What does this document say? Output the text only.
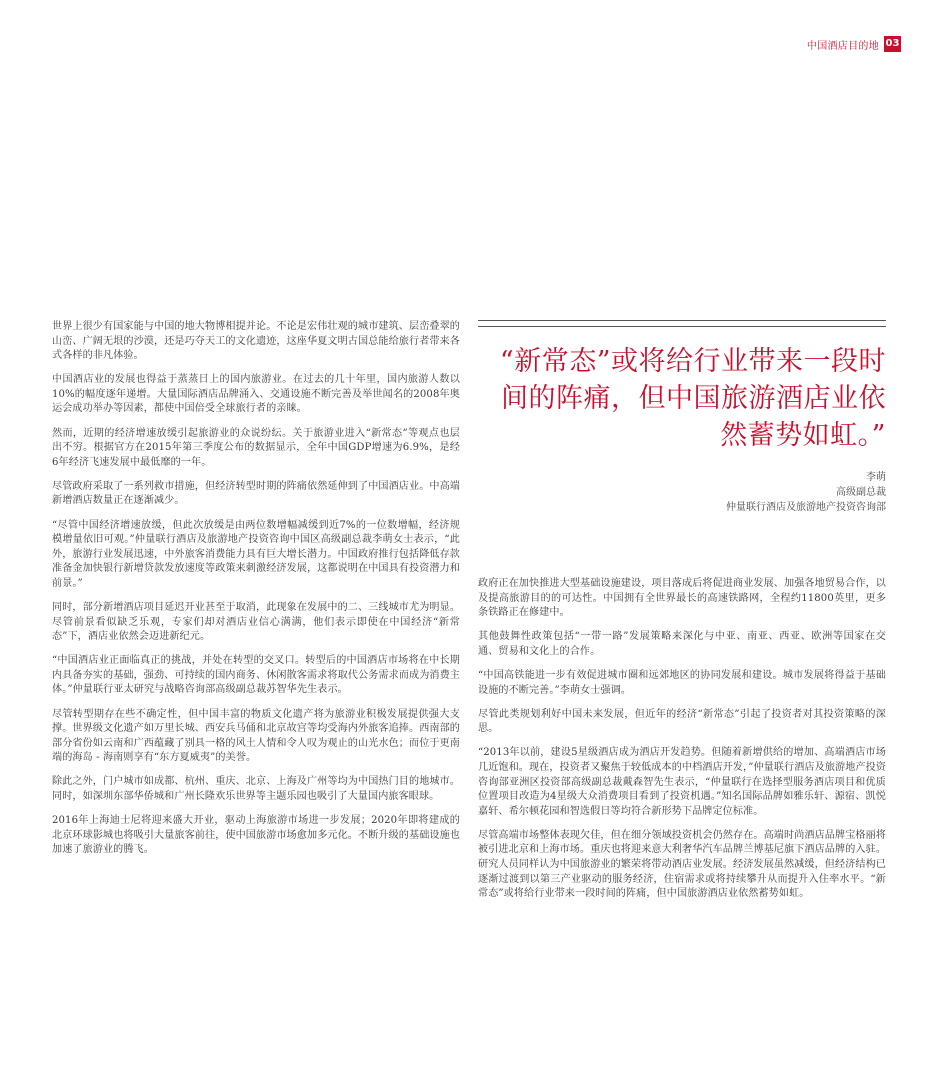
中国酒店目的地 03

世界上很少有国家能与中国的地大物博相提并论。不论是宏伟壮观的城市建筑、层峦叠翠的山峦、广阔无垠的沙漠，还是巧夺天工的文化遗迹，这座华夏文明古国总能给旅行者带来各式各样的非凡体验。

中国酒店业的发展也得益于蒸蒸日上的国内旅游业。在过去的几十年里，国内旅游人数以10%的幅度逐年递增。大量国际酒店品牌涌入、交通设施不断完善及举世闻名的2008年奥运会成功举办等因素，都使中国倍受全球旅行者的亲睐。

然而，近期的经济增速放缓引起旅游业的众说纷纭。关于旅游业进入“新常态”等观点也层出不穷。根据官方在2015年第三季度公布的数据显示，全年中国GDP增速为6.9%，是经6年经济飞速发展中最低靡的一年。

尽管政府采取了一系列救市措施，但经济转型时期的阵痛依然延伸到了中国酒店业。中高端新增酒店数量正在逐渐减少。

“尽管中国经济增速放缓，但此次放缓是由两位数增幅减缓到近7%的一位数增幅，经济规模增量依旧可观。”仲量联行酒店及旅游地产投资咨询中国区高级副总裁李萌女士表示，“此外，旅游行业发展迅速，中外旅客消费能力具有巨大增长潜力。中国政府推行包括降低存款准备金加快银行新增贷款发放速度等政策来刺激经济发展，这都说明在中国具有投资潜力和前景。”

同时，部分新增酒店项目延迟开业甚至于取消，此现象在发展中的二、三线城市尤为明显。尽管前景看似缺乏乐观，专家们却对酒店业信心满满，他们表示即使在中国经济“新常态”下，酒店业依然会迈进新纪元。

“中国酒店业正面临真正的挑战，并处在转型的交叉口。转型后的中国酒店市场将在中长期内具备夯实的基础，强劲、可持续的国内商务、休闲散客需求将取代公务需求而成为消费主体。”仲量联行亚太研究与战略咨询部高级副总裁苏智华先生表示。

尽管转型期存在些不确定性，但中国丰富的物质文化遗产将为旅游业积极发展提供强大支撑。世界级文化遗产如万里长城、西安兵马俑和北京故宫等均受海内外旅客追捧。西南部的部分省份如云南和广西蕴藏了别具一格的风土人情和令人叹为观止的山光水色；而位于更南端的海岛 - 海南则享有“东方夏威夷”的美誉。

除此之外，门户城市如成都、杭州、重庆、北京、上海及广州等均为中国热门目的地城市。同时，如深圳东部华侨城和广州长隆欢乐世界等主题乐园也吸引了大量国内旅客眼球。

2016年上海迪士尼将迎来盛大开业，驱动上海旅游市场进一步发展；2020年即将建成的北京环球影城也将吸引大量旅客前往，使中国旅游市场愈加多元化。不断升级的基础设施也加速了旅游业的腾飞。

“新常态”或将给行业带来一段时间的阵痛，但中国旅游酒店业依然蓄势如虹。”
李萌
高级副总裁
仲量联行酒店及旅游地产投资咨询部

政府正在加快推进大型基础设施建设，项目落成后将促进商业发展、加强各地贸易合作，以及提高旅游目的的可达性。中国拥有全世界最长的高速铁路网，全程约11800英里，更多条铁路正在修建中。

其他鼓舞性政策包括“一带一路”发展策略来深化与中亚、南亚、西亚、欧洲等国家在交通、贸易和文化上的合作。

“中国高铁能进一步有效促进城市圈和远郊地区的协同发展和建设。城市发展将得益于基础设施的不断完善。”李萌女士强调。

尽管此类规划利好中国未来发展，但近年的经济“新常态”引起了投资者对其投资策略的深思。

“2013年以前，建设5星级酒店成为酒店开发趋势。但随着新增供给的增加、高端酒店市场几近饱和。现在，投资者又聚焦于较低成本的中档酒店开发，”仲量联行酒店及旅游地产投资咨询部亚洲区投资部高级副总裁戴森智先生表示，“仲量联行在选择型服务酒店项目和优质位置项目改造为4星级大众消费项目看到了投资机遇。”知名国际品牌如雅乐轩、源宿、凯悦嘉轩、希尔顿花园和智选假日等均符合新形势下品牌定位标准。

尽管高端市场整体表现欠佳，但在细分领域投资机会仍然存在。高端时尚酒店品牌宝格丽将被引进北京和上海市场。重庆也将迎来意大利奢华汽车品牌兰博基尼旗下酒店品牌的入驻。研究人员同样认为中国旅游业的繁荣将带动酒店业发展。经济发展虽然减缓，但经济结构已逐渐过渡到以第三产业驱动的服务经济，住宿需求或将持续攀升从而提升入住率水平。“新常态”或将给行业带来一段时间的阵痛，但中国旅游酒店业依然蓄势如虹。
